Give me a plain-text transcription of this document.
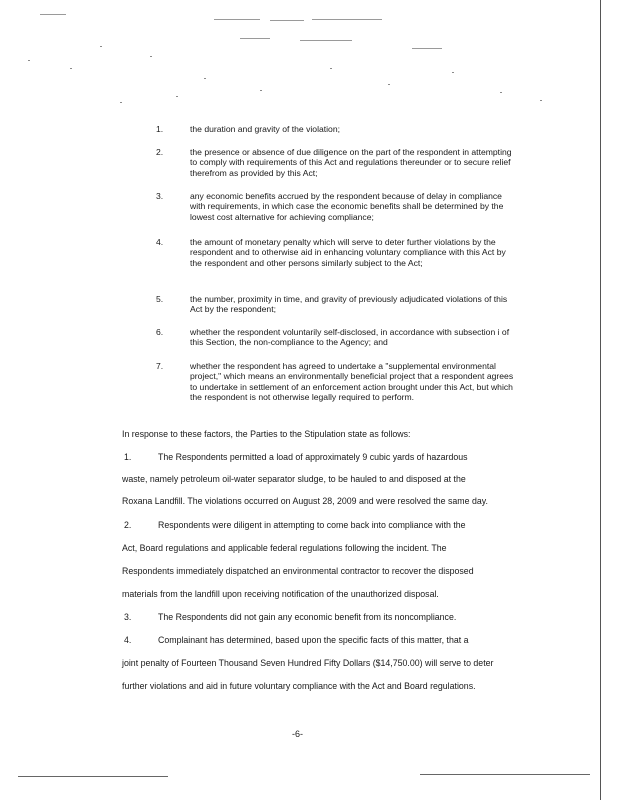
1.	the duration and gravity of the violation;
2.	the presence or absence of due diligence on the part of the respondent in attempting to comply with requirements of this Act and regulations thereunder or to secure relief therefrom as provided by this Act;
3.	any economic benefits accrued by the respondent because of delay in compliance with requirements, in which case the economic benefits shall be determined by the lowest cost alternative for achieving compliance;
4.	the amount of monetary penalty which will serve to deter further violations by the respondent and to otherwise aid in enhancing voluntary compliance with this Act by the respondent and other persons similarly subject to the Act;
5.	the number, proximity in time, and gravity of previously adjudicated violations of this Act by the respondent;
6.	whether the respondent voluntarily self-disclosed, in accordance with subsection i of this Section, the non-compliance to the Agency; and
7.	whether the respondent has agreed to undertake a "supplemental environmental project," which means an environmentally beneficial project that a respondent agrees to undertake in settlement of an enforcement action brought under this Act, but which the respondent is not otherwise legally required to perform.
In response to these factors, the Parties to the Stipulation state as follows:
1.	The Respondents permitted a load of approximately 9 cubic yards of hazardous
waste, namely petroleum oil-water separator sludge, to be hauled to and disposed at the
Roxana Landfill. The violations occurred on August 28, 2009 and were resolved the same day.
2.	Respondents were diligent in attempting to come back into compliance with the
Act, Board regulations and applicable federal regulations following the incident. The
Respondents immediately dispatched an environmental contractor to recover the disposed
materials from the landfill upon receiving notification of the unauthorized disposal.
3.	The Respondents did not gain any economic benefit from its noncompliance.
4.	Complainant has determined, based upon the specific facts of this matter, that a
joint penalty of Fourteen Thousand Seven Hundred Fifty Dollars ($14,750.00) will serve to deter
further violations and aid in future voluntary compliance with the Act and Board regulations.
-6-
